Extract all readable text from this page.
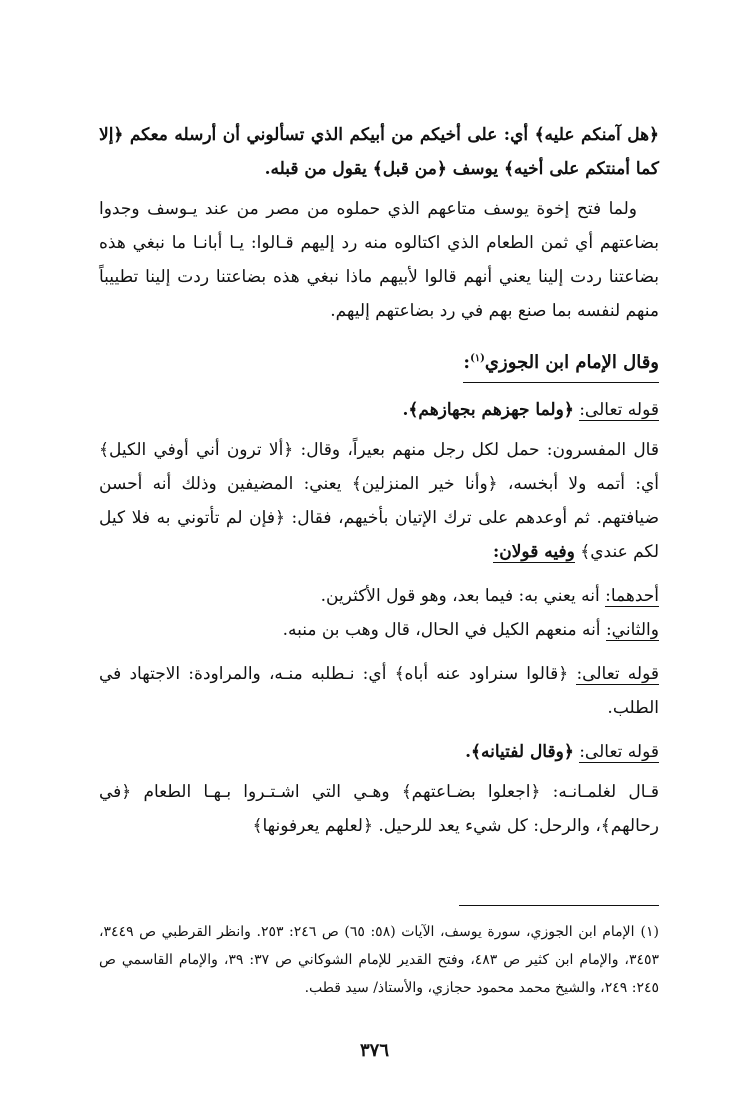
﴿هل آمنكم عليه﴾ أي: على أخيكم من أبيكم الذي تسألوني أن أرسله معكم ﴿إلا كما أمنتكم على أخيه﴾ يوسف ﴿من قبل﴾ يقول من قبله.

ولما فتح إخوة يوسف متاعهم الذي حملوه من مصر من عند يـوسف وجدوا بضاعتهم أي ثمن الطعام الذي اكتالوه منه رد إليهم قـالوا: يـا أبانـا ما نبغي هذه بضاعتنا ردت إلينا يعني أنهم قالوا لأبيهم ماذا نبغي هذه بضاعتنا ردت إلينا تطييباً منهم لنفسه بما صنع بهم في رد بضاعتهم إليهم.

وقال الإمام ابن الجوزي$^{(١)}$:

قوله تعالى: ﴿ولما جهزهم بجهازهم﴾.

قال المفسرون: حمل لكل رجل منهم بعيراً، وقال: ﴿ألا ترون أني أوفي الكيل﴾ أي: أتمه ولا أبخسه، ﴿وأنا خير المنزلين﴾ يعني: المضيفين وذلك أنه أحسن ضيافتهم. ثم أوعدهم على ترك الإتيان بأخيهم، فقال: ﴿فإن لم تأتوني به فلا كيل لكم عندي﴾ وفيه قولان:

أحدهما: أنه يعني به: فيما بعد، وهو قول الأكثرين.

والثاني: أنه منعهم الكيل في الحال، قال وهب بن منبه.

قوله تعالى: ﴿قالوا سنراود عنه أباه﴾ أي: نـطلبه منـه، والمراودة: الاجتهاد في الطلب.

قوله تعالى: ﴿وقال لفتيانه﴾.

قـال لغلمـانـه: ﴿اجعلوا بضـاعتهم﴾ وهـي التي اشـتـروا بـهـا الطعام ﴿في رحالهم﴾، والرحل: كل شيء يعد للرحيل. ﴿لعلهم يعرفونها﴾

(١)الإمام ابن الجوزي، سورة يوسف، الآيات (٥٨: ٦٥) ص ٢٤٦: ٢٥٣. وانظر القرطبي ص ٣٤٤٩، ٣٤٥٣، والإمام ابن كثير ص ٤٨٣، وفتح القدير للإمام الشوكاني ص ٣٧: ٣٩، والإمام القاسمي ص ٢٤٥: ٢٤٩، والشيخ محمد محمود حجازي، والأستاذ/ سيد قطب.
٣٧٦
